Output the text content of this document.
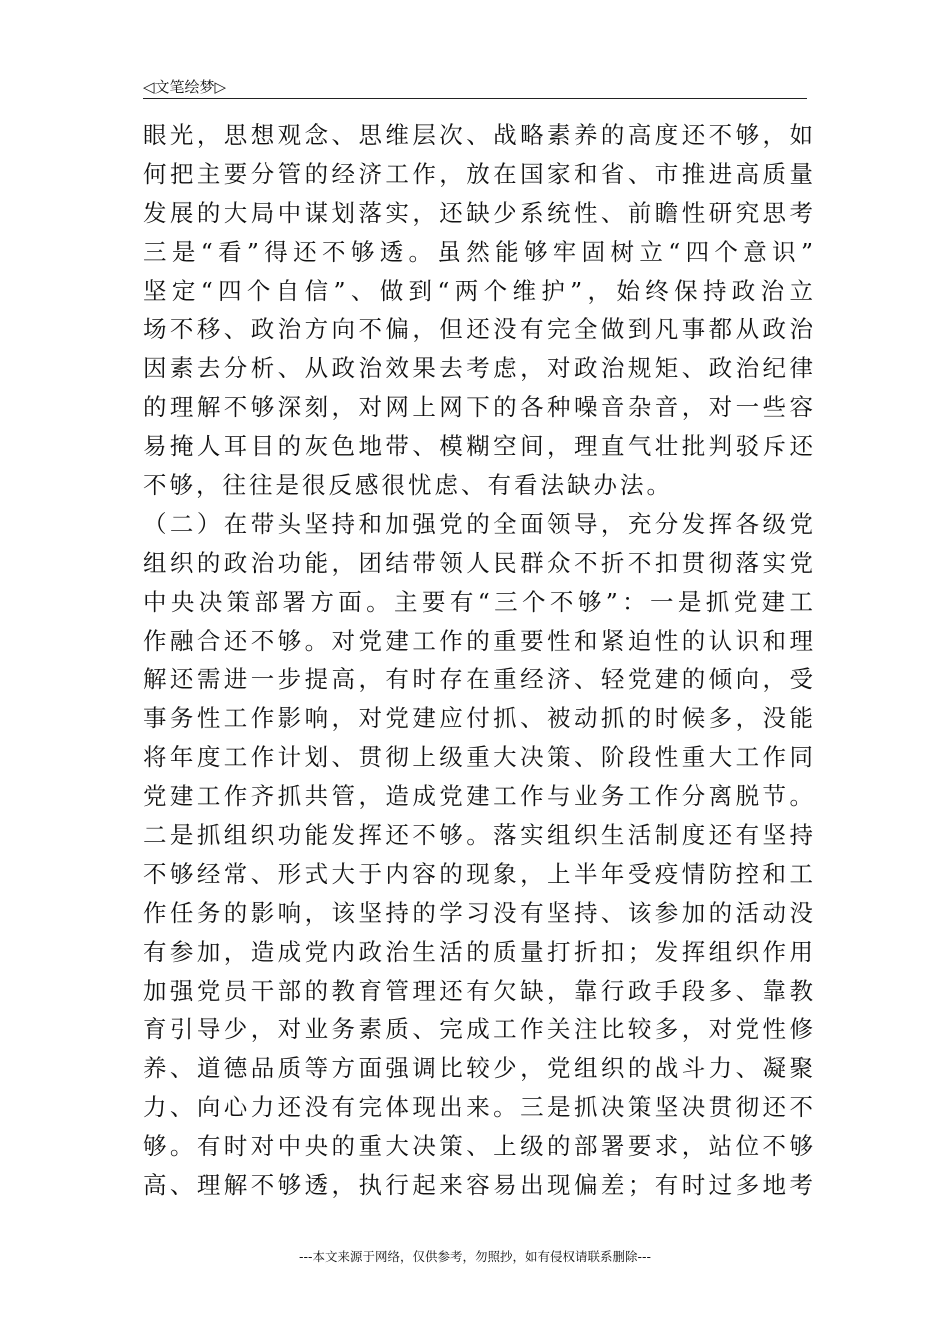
◁文笔绘梦▷
眼光，思想观念、思维层次、战略素养的高度还不够，如
何把主要分管的经济工作，放在国家和省、市推进高质量
发展的大局中谋划落实，还缺少系统性、前瞻性研究思考
三是“看”得还不够透。虽然能够牢固树立“四个意识”
坚定“四个自信”、做到“两个维护”，始终保持政治立
场不移、政治方向不偏，但还没有完全做到凡事都从政治
因素去分析、从政治效果去考虑，对政治规矩、政治纪律
的理解不够深刻，对网上网下的各种噪音杂音，对一些容
易掩人耳目的灰色地带、模糊空间，理直气壮批判驳斥还
不够，往往是很反感很忧虑、有看法缺办法。
（二）在带头坚持和加强党的全面领导，充分发挥各级党
组织的政治功能，团结带领人民群众不折不扣贯彻落实党
中央决策部署方面。主要有“三个不够”：一是抓党建工
作融合还不够。对党建工作的重要性和紧迫性的认识和理
解还需进一步提高，有时存在重经济、轻党建的倾向，受
事务性工作影响，对党建应付抓、被动抓的时候多，没能
将年度工作计划、贯彻上级重大决策、阶段性重大工作同
党建工作齐抓共管，造成党建工作与业务工作分离脱节。
二是抓组织功能发挥还不够。落实组织生活制度还有坚持
不够经常、形式大于内容的现象，上半年受疫情防控和工
作任务的影响，该坚持的学习没有坚持、该参加的活动没
有参加，造成党内政治生活的质量打折扣；发挥组织作用
加强党员干部的教育管理还有欠缺，靠行政手段多、靠教
育引导少，对业务素质、完成工作关注比较多，对党性修
养、道德品质等方面强调比较少，党组织的战斗力、凝聚
力、向心力还没有完体现出来。三是抓决策坚决贯彻还不
够。有时对中央的重大决策、上级的部署要求，站位不够
高、理解不够透，执行起来容易出现偏差；有时过多地考
---本文来源于网络，仅供参考，勿照抄，如有侵权请联系删除---
